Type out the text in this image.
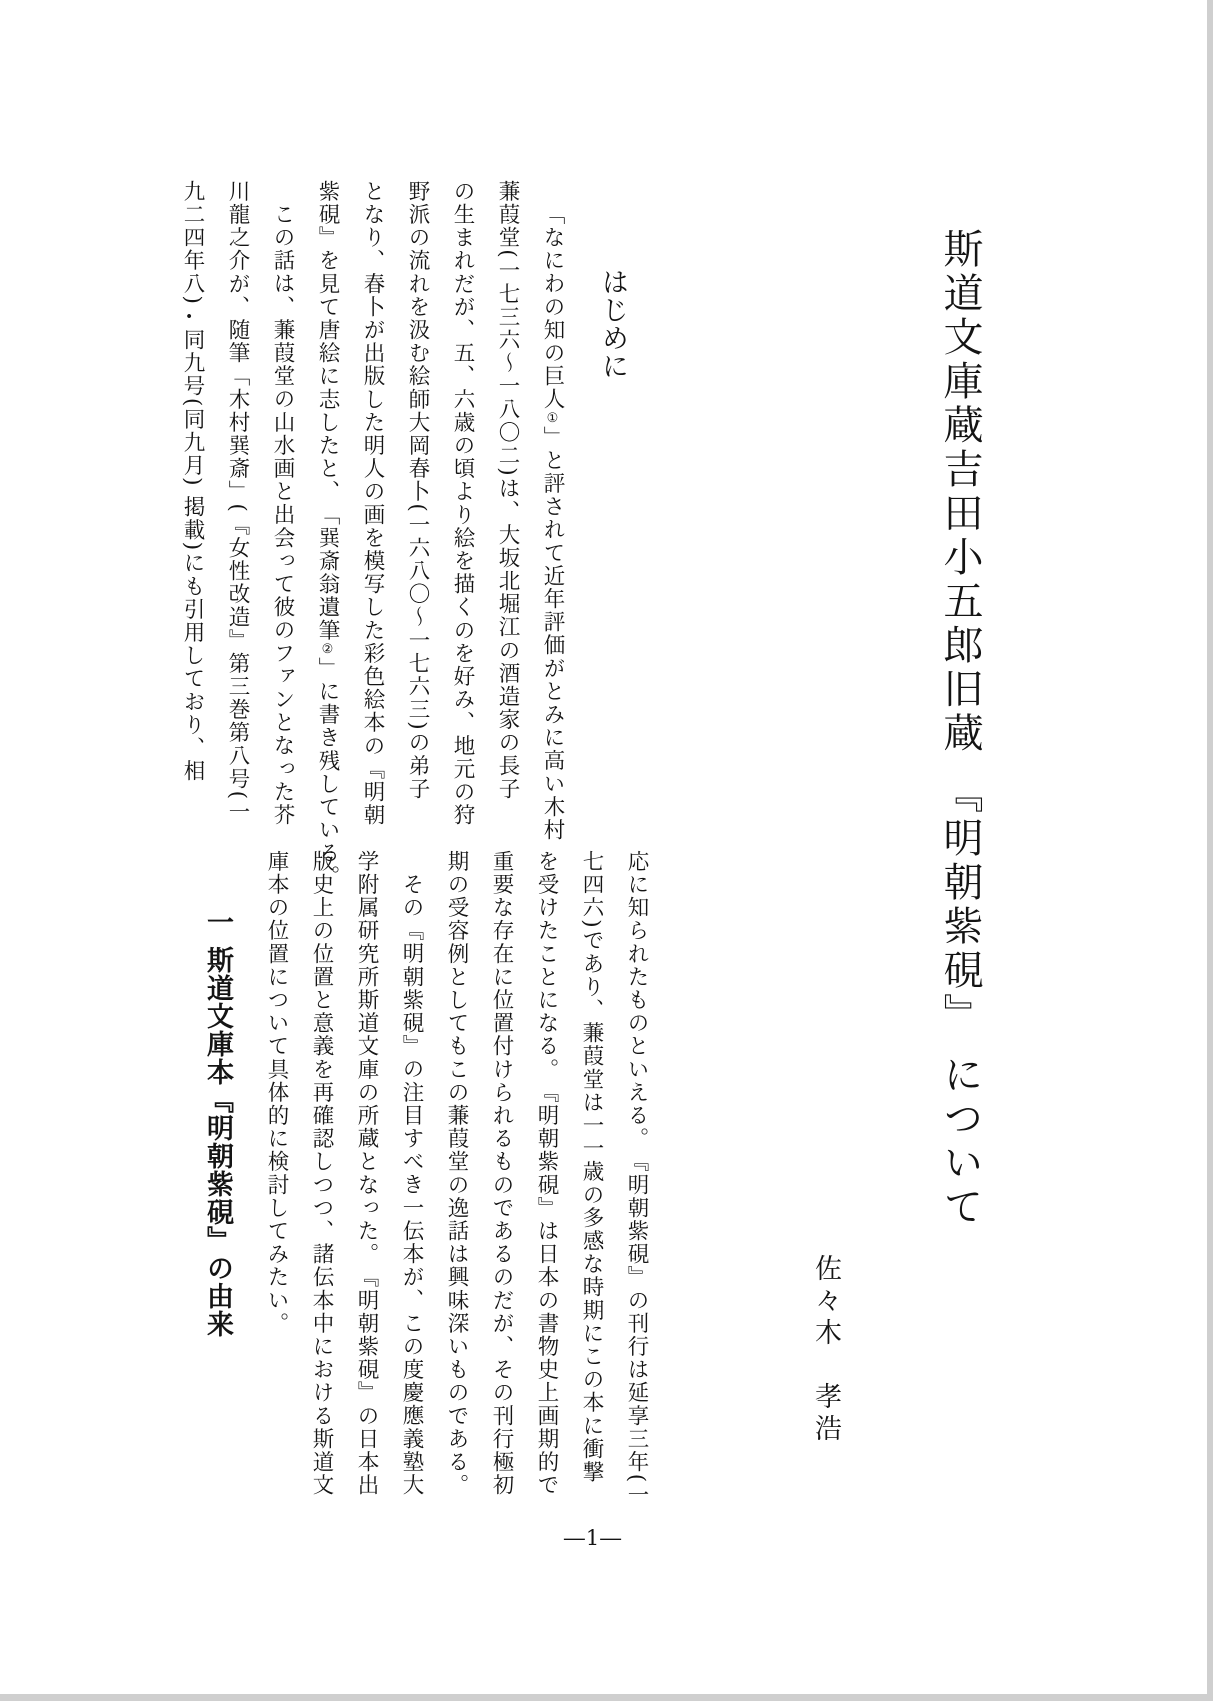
斯道文庫蔵吉田小五郎旧蔵 『明朝紫硯』 について
佐々木　孝浩
はじめに

「なにわの知の巨人①」と評されて近年評価がとみに高い木村

蒹葭堂(一七三六〜一八〇二)は、大坂北堀江の酒造家の長子

の生まれだが、五、六歳の頃より絵を描くのを好み、地元の狩

野派の流れを汲む絵師大岡春卜(一六八〇〜一七六三)の弟子

となり、春卜が出版した明人の画を模写した彩色絵本の『明朝

紫硯』を見て唐絵に志したと、「巽斎翁遺筆②」に書き残している。

この話は、蒹葭堂の山水画と出会って彼のファンとなった芥

川龍之介が、随筆「木村巽斎」(『女性改造』第三巻第八号(一

九二四年八)・同九号(同九月) 掲載)にも引用しており、相

応に知られたものといえる。『明朝紫硯』の刊行は延享三年(一

七四六)であり、蒹葭堂は一一歳の多感な時期にこの本に衝撃

を受けたことになる。『明朝紫硯』は日本の書物史上画期的で

重要な存在に位置付けられるものであるのだが、その刊行極初

期の受容例としてもこの蒹葭堂の逸話は興味深いものである。

その『明朝紫硯』の注目すべき一伝本が、この度慶應義塾大

学附属研究所斯道文庫の所蔵となった。『明朝紫硯』の日本出

版史上の位置と意義を再確認しつつ、諸伝本中における斯道文

庫本の位置について具体的に検討してみたい。

一 斯道文庫本『明朝紫硯』の由来
―1―
